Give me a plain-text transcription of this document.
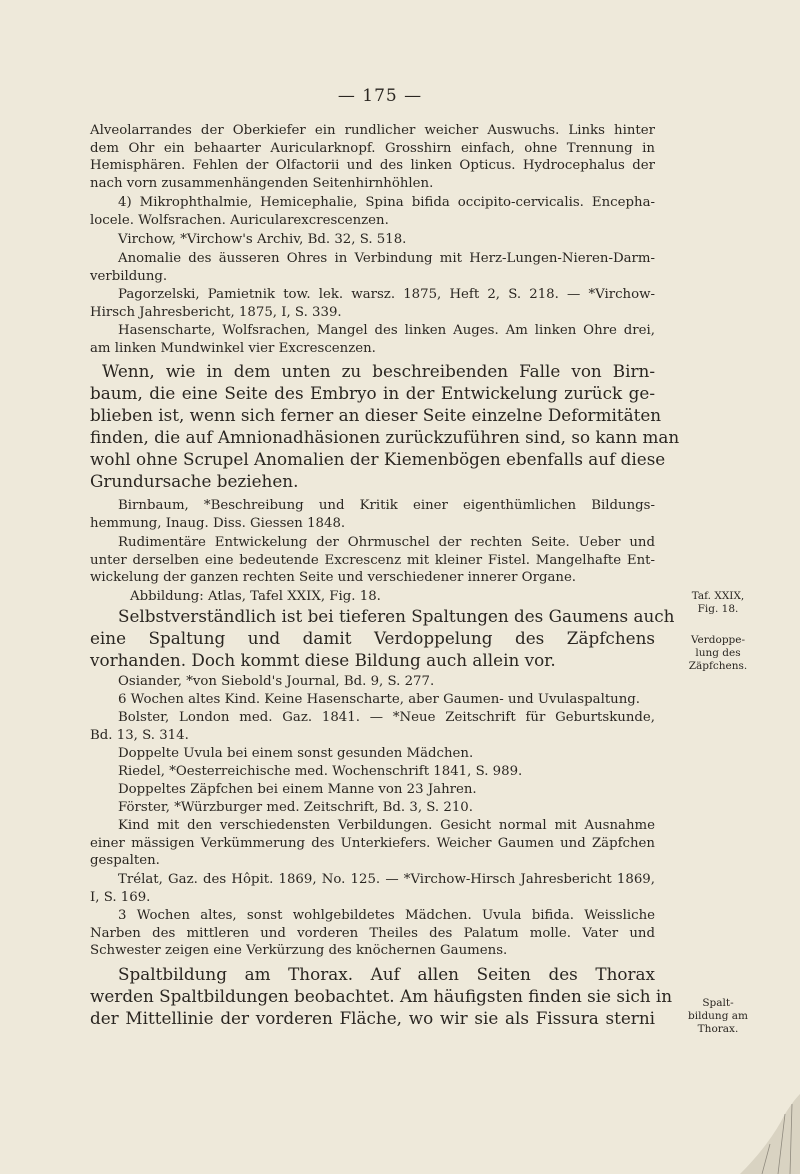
— 175 —
Alveolarrandes der Oberkiefer ein rundlicher weicher Auswuchs. Links hinter
dem Ohr ein behaarter Auricularknopf. Grosshirn einfach, ohne Trennung in
Hemisphären. Fehlen der Olfactorii und des linken Opticus. Hydrocephalus der
nach vorn zusammenhängenden Seitenhirnhöhlen.
4) Mikrophthalmie, Hemicephalie, Spina bifida occipito-cervicalis. Encepha-
locele. Wolfsrachen. Auricularexcrescenzen.
Virchow, *Virchow's Archiv, Bd. 32, S. 518.
Anomalie des äusseren Ohres in Verbindung mit Herz-Lungen-Nieren-Darm-
verbildung.
Pagorzelski, Pamietnik tow. lek. warsz. 1875, Heft 2, S. 218. — *Virchow-
Hirsch Jahresbericht, 1875, I, S. 339.
Hasenscharte, Wolfsrachen, Mangel des linken Auges. Am linken Ohre drei,
am linken Mundwinkel vier Excrescenzen.
Wenn, wie in dem unten zu beschreibenden Falle von Birn-
baum, die eine Seite des Embryo in der Entwickelung zurück ge-
blieben ist, wenn sich ferner an dieser Seite einzelne Deformitäten
finden, die auf Amnionadhäsionen zurückzuführen sind, so kann man
wohl ohne Scrupel Anomalien der Kiemenbögen ebenfalls auf diese
Grundursache beziehen.
Birnbaum, *Beschreibung und Kritik einer eigenthümlichen Bildungs-
hemmung, Inaug. Diss. Giessen 1848.
Rudimentäre Entwickelung der Ohrmuschel der rechten Seite. Ueber und
unter derselben eine bedeutende Excrescenz mit kleiner Fistel. Mangelhafte Ent-
wickelung der ganzen rechten Seite und verschiedener innerer Organe.
Abbildung: Atlas, Tafel XXIX, Fig. 18.
Selbstverständlich ist bei tieferen Spaltungen des Gaumens auch
eine Spaltung und damit Verdoppelung des Zäpfchens
vorhanden. Doch kommt diese Bildung auch allein vor.
Osiander, *von Siebold's Journal, Bd. 9, S. 277.
6 Wochen altes Kind. Keine Hasenscharte, aber Gaumen- und Uvulaspaltung.
Bolster, London med. Gaz. 1841. — *Neue Zeitschrift für Geburtskunde,
Bd. 13, S. 314.
Doppelte Uvula bei einem sonst gesunden Mädchen.
Riedel, *Oesterreichische med. Wochenschrift 1841, S. 989.
Doppeltes Zäpfchen bei einem Manne von 23 Jahren.
Förster, *Würzburger med. Zeitschrift, Bd. 3, S. 210.
Kind mit den verschiedensten Verbildungen. Gesicht normal mit Ausnahme
einer mässigen Verkümmerung des Unterkiefers. Weicher Gaumen und Zäpfchen
gespalten.
Trélat, Gaz. des Hôpit. 1869, No. 125. — *Virchow-Hirsch Jahresbericht 1869,
I, S. 169.
3 Wochen altes, sonst wohlgebildetes Mädchen. Uvula bifida. Weissliche
Narben des mittleren und vorderen Theiles des Palatum molle. Vater und
Schwester zeigen eine Verkürzung des knöchernen Gaumens.
Spaltbildung am Thorax. Auf allen Seiten des Thorax
werden Spaltbildungen beobachtet. Am häufigsten finden sie sich in
der Mittellinie der vorderen Fläche, wo wir sie als Fissura sterni
Taf. XXIX,
Fig. 18.
Verdoppe-
lung des
Zäpfchens.
Spalt-
bildung am
Thorax.
